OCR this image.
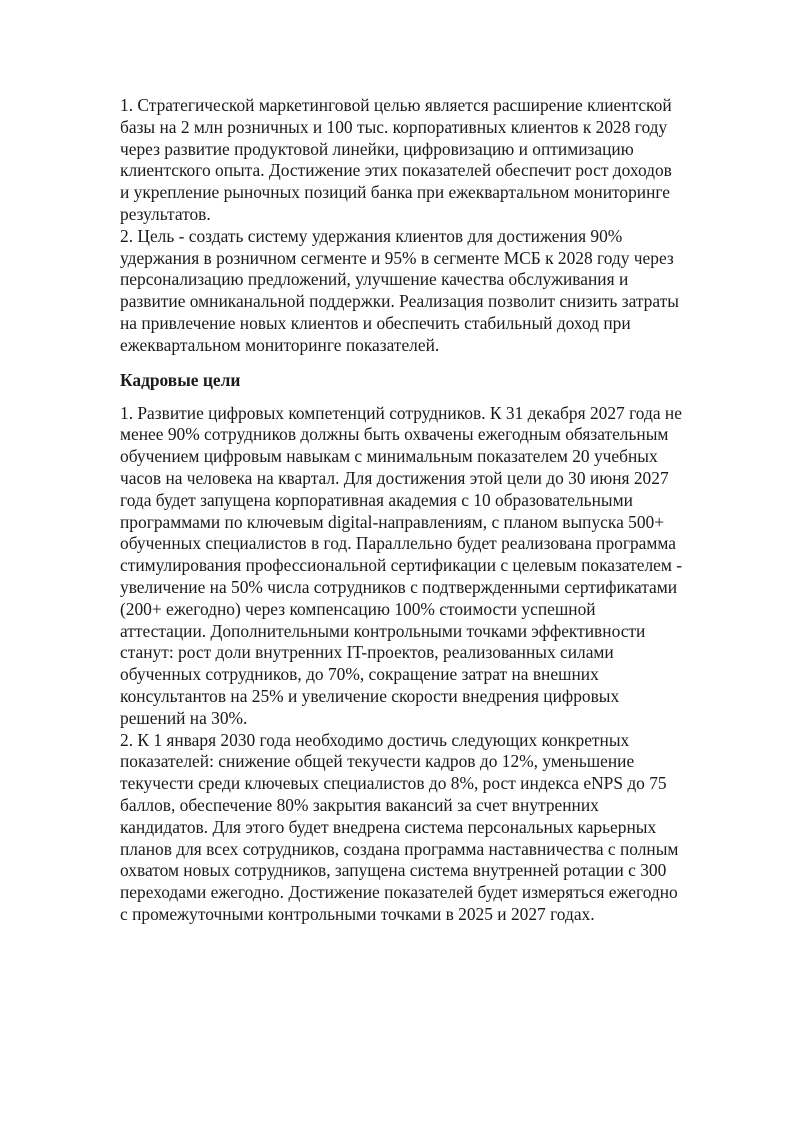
1. Стратегической маркетинговой целью является расширение клиентской базы на 2 млн розничных и 100 тыс. корпоративных клиентов к 2028 году через развитие продуктовой линейки, цифровизацию и оптимизацию клиентского опыта. Достижение этих показателей обеспечит рост доходов и укрепление рыночных позиций банка при ежеквартальном мониторинге результатов.

2. Цель - создать систему удержания клиентов для достижения 90% удержания в розничном сегменте и 95% в сегменте МСБ к 2028 году через персонализацию предложений, улучшение качества обслуживания и развитие омниканальной поддержки. Реализация позволит снизить затраты на привлечение новых клиентов и обеспечить стабильный доход при ежеквартальном мониторинге показателей.

Кадровые цели

1. Развитие цифровых компетенций сотрудников. К 31 декабря 2027 года не менее 90% сотрудников должны быть охвачены ежегодным обязательным обучением цифровым навыкам с минимальным показателем 20 учебных часов на человека на квартал. Для достижения этой цели до 30 июня 2027 года будет запущена корпоративная академия с 10 образовательными программами по ключевым digital-направлениям, с планом выпуска 500+ обученных специалистов в год. Параллельно будет реализована программа стимулирования профессиональной сертификации с целевым показателем - увеличение на 50% числа сотрудников с подтвержденными сертификатами (200+ ежегодно) через компенсацию 100% стоимости успешной аттестации. Дополнительными контрольными точками эффективности станут: рост доли внутренних IT-проектов, реализованных силами обученных сотрудников, до 70%, сокращение затрат на внешних консультантов на 25% и увеличение скорости внедрения цифровых решений на 30%.

2. К 1 января 2030 года необходимо достичь следующих конкретных показателей: снижение общей текучести кадров до 12%, уменьшение текучести среди ключевых специалистов до 8%, рост индекса eNPS до 75 баллов, обеспечение 80% закрытия вакансий за счет внутренних кандидатов. Для этого будет внедрена система персональных карьерных планов для всех сотрудников, создана программа наставничества с полным охватом новых сотрудников, запущена система внутренней ротации с 300 переходами ежегодно. Достижение показателей будет измеряться ежегодно с промежуточными контрольными точками в 2025 и 2027 годах.
